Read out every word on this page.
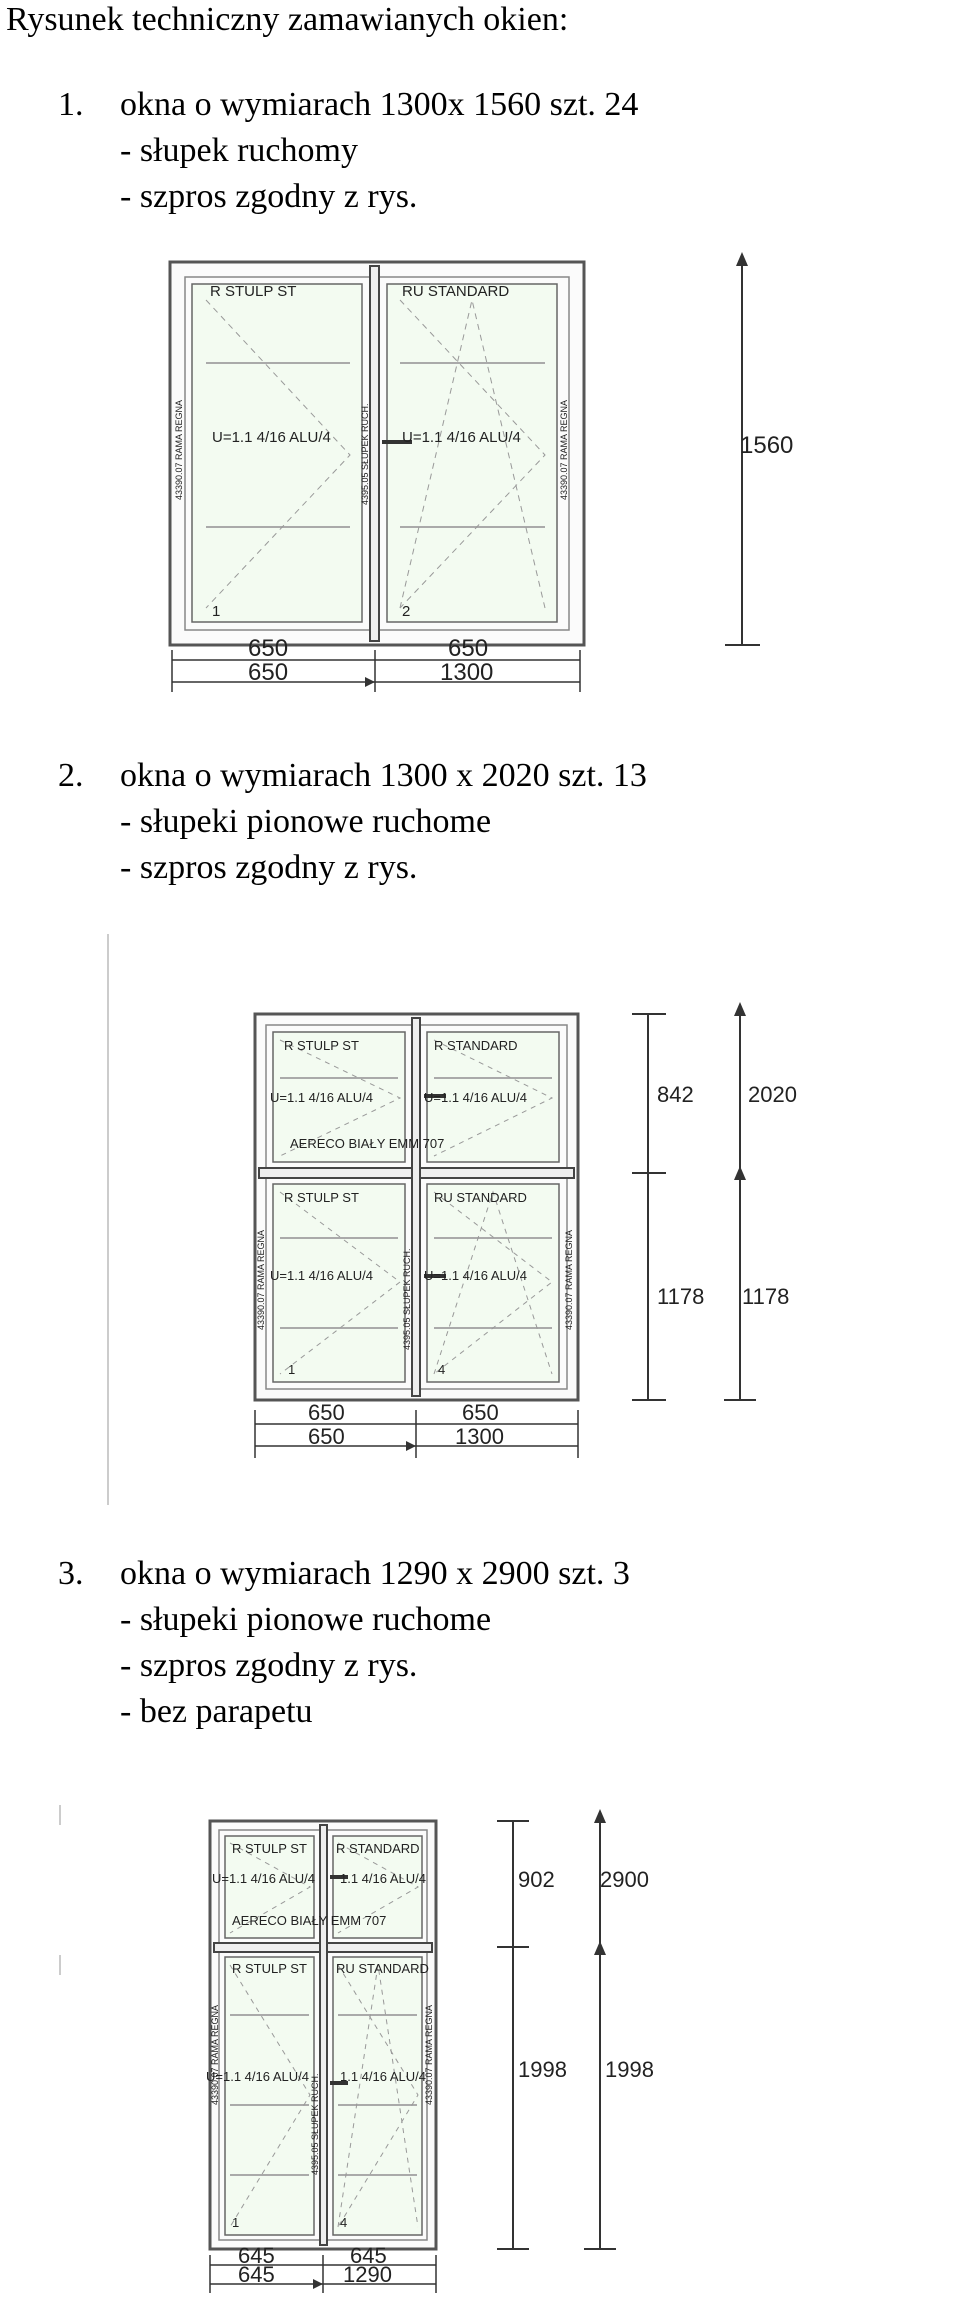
Rysunek techniczny zamawianych okien:
1. okna o wymiarach 1300x 1560 szt. 24
- słupek ruchomy
- szpros zgodny z rys.
R STULP ST	RU STANDARD
U=1.1 4/16 ALU/4	U=1.1 4/16 ALU/4
43390.07 RAMA REGNA	43390.07 RAMA REGNA
4395.05 SŁUPEK RUCH.
1	2
1560
650	650
650	1300
2. okna o wymiarach 1300 x 2020 szt. 13
- słupeki pionowe ruchome
- szpros zgodny z rys.
R STULP ST	R STANDARD
U=1.1 4/16 ALU/4	U=1.1 4/16 ALU/4
AERECO BIAŁY EMM 707
R STULP ST	RU STANDARD
U=1.1 4/16 ALU/4	U=1.1 4/16 ALU/4
1	4
43390.07 RAMA REGNA	43390.07 RAMA REGNA
4395.05 SŁUPEK RUCH.
842
1178
2020
1178
650	650
650	1300
3. okna o wymiarach 1290 x 2900 szt. 3
- słupeki pionowe ruchome
- szpros zgodny z rys.
- bez parapetu
R STULP ST R STANDARD
U=1.1 4/16 ALU/4 1.1 4/16 ALU/4
AERECO BIAŁY EMM 707
R STULP ST RU STANDARD
U=1.1 4/16 ALU/4 1.1 4/16 ALU/4
1	4
43390.07 RAMA REGNA	43390.07 RAMA REGNA
4395.05 SŁUPEK RUCH.
902
1998
2900
1998
645	645
645	1290
